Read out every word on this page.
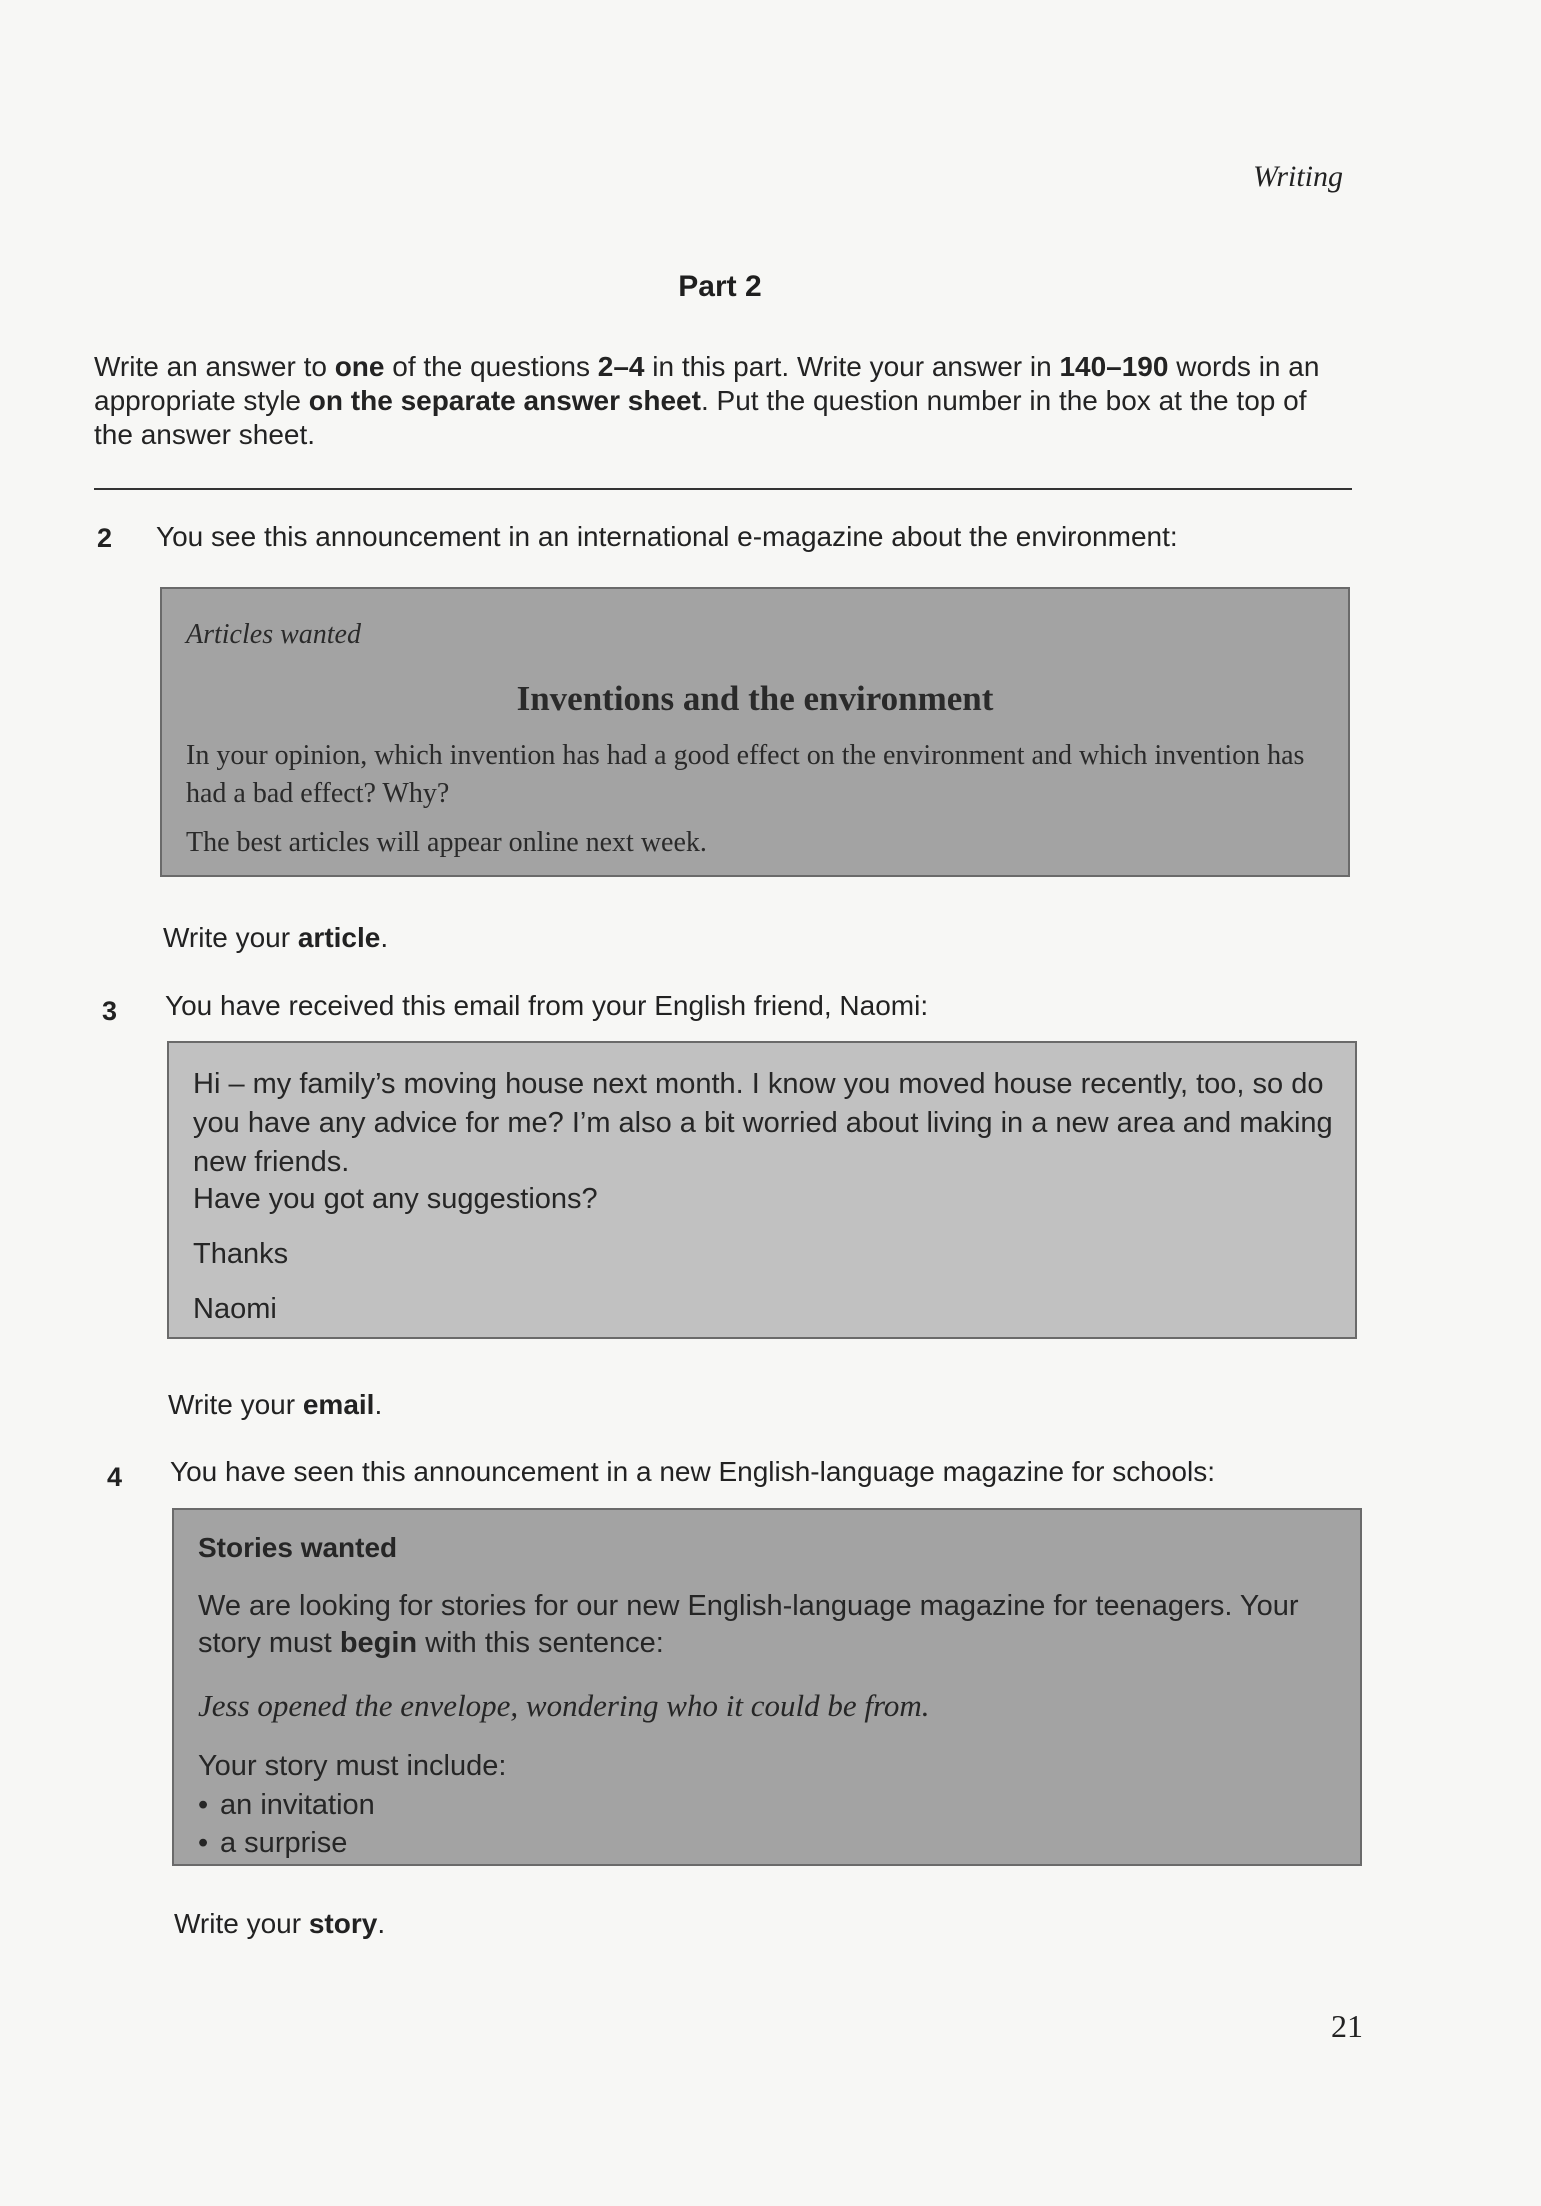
Writing
Part 2
Write an answer to one of the questions 2–4 in this part. Write your answer in 140–190 words in an appropriate style on the separate answer sheet. Put the question number in the box at the top of the answer sheet.
2 You see this announcement in an international e-magazine about the environment:
Articles wanted
Inventions and the environment
In your opinion, which invention has had a good effect on the environment and which invention has had a bad effect? Why?
The best articles will appear online next week.
Write your article.
3 You have received this email from your English friend, Naomi:
Hi – my family’s moving house next month. I know you moved house recently, too, so do you have any advice for me? I’m also a bit worried about living in a new area and making new friends.
Have you got any suggestions?
Thanks
Naomi
Write your email.
4 You have seen this announcement in a new English-language magazine for schools:
Stories wanted
We are looking for stories for our new English-language magazine for teenagers. Your story must begin with this sentence:
Jess opened the envelope, wondering who it could be from.
Your story must include:
• an invitation
• a surprise
Write your story.
21
